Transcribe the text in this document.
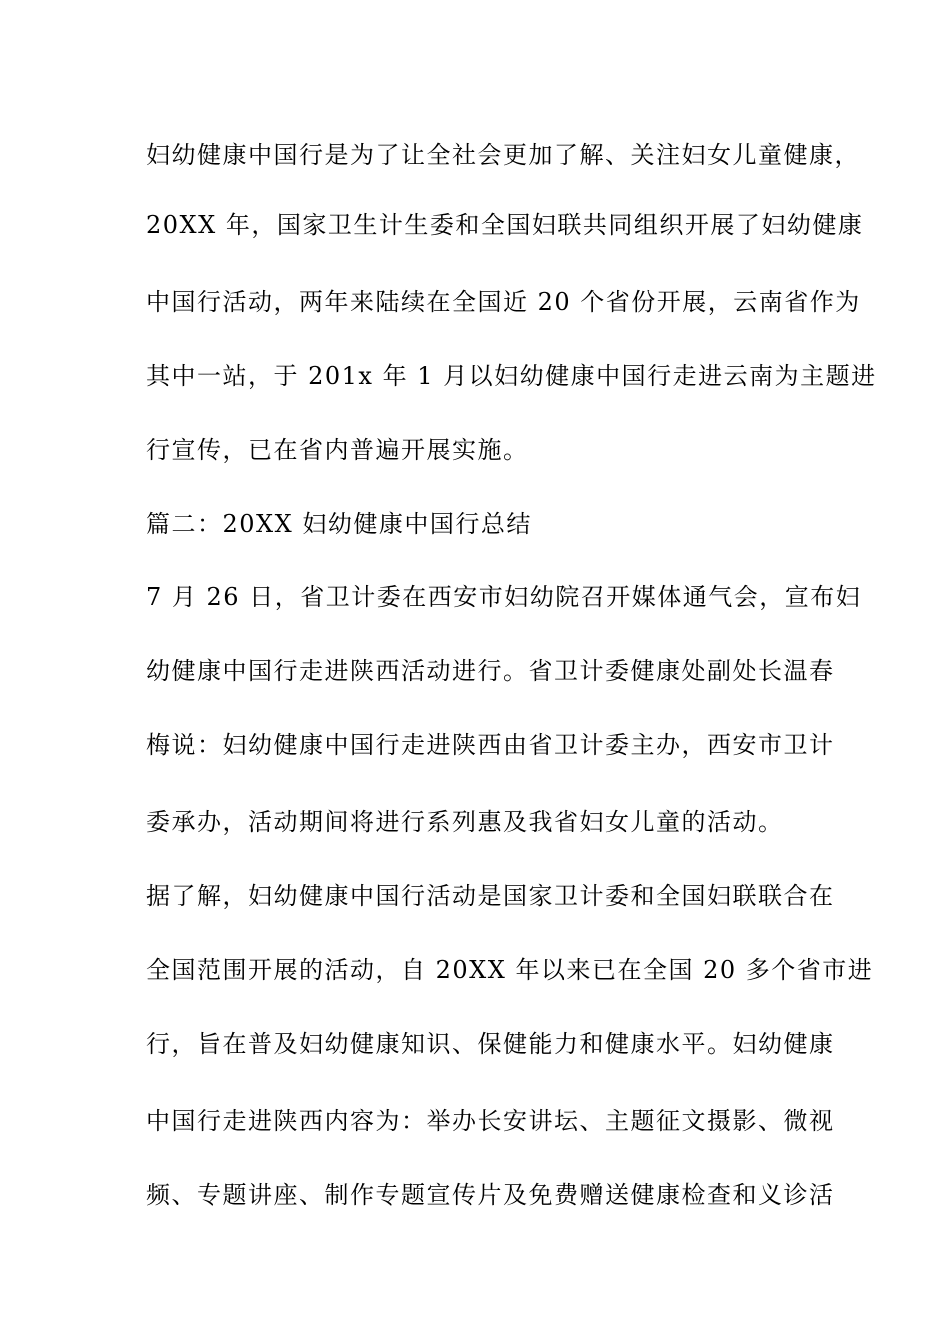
妇幼健康中国行是为了让全社会更加了解、关注妇女儿童健康，
20XX 年，国家卫生计生委和全国妇联共同组织开展了妇幼健康
中国行活动，两年来陆续在全国近 20 个省份开展，云南省作为
其中一站，于 201x 年 1 月以妇幼健康中国行走进云南为主题进
行宣传，已在省内普遍开展实施。
篇二：20XX 妇幼健康中国行总结
7 月 26 日，省卫计委在西安市妇幼院召开媒体通气会，宣布妇
幼健康中国行走进陕西活动进行。省卫计委健康处副处长温春
梅说：妇幼健康中国行走进陕西由省卫计委主办，西安市卫计
委承办，活动期间将进行系列惠及我省妇女儿童的活动。
据了解，妇幼健康中国行活动是国家卫计委和全国妇联联合在
全国范围开展的活动，自 20XX 年以来已在全国 20 多个省市进
行，旨在普及妇幼健康知识、保健能力和健康水平。妇幼健康
中国行走进陕西内容为：举办长安讲坛、主题征文摄影、微视
频、专题讲座、制作专题宣传片及免费赠送健康检查和义诊活
